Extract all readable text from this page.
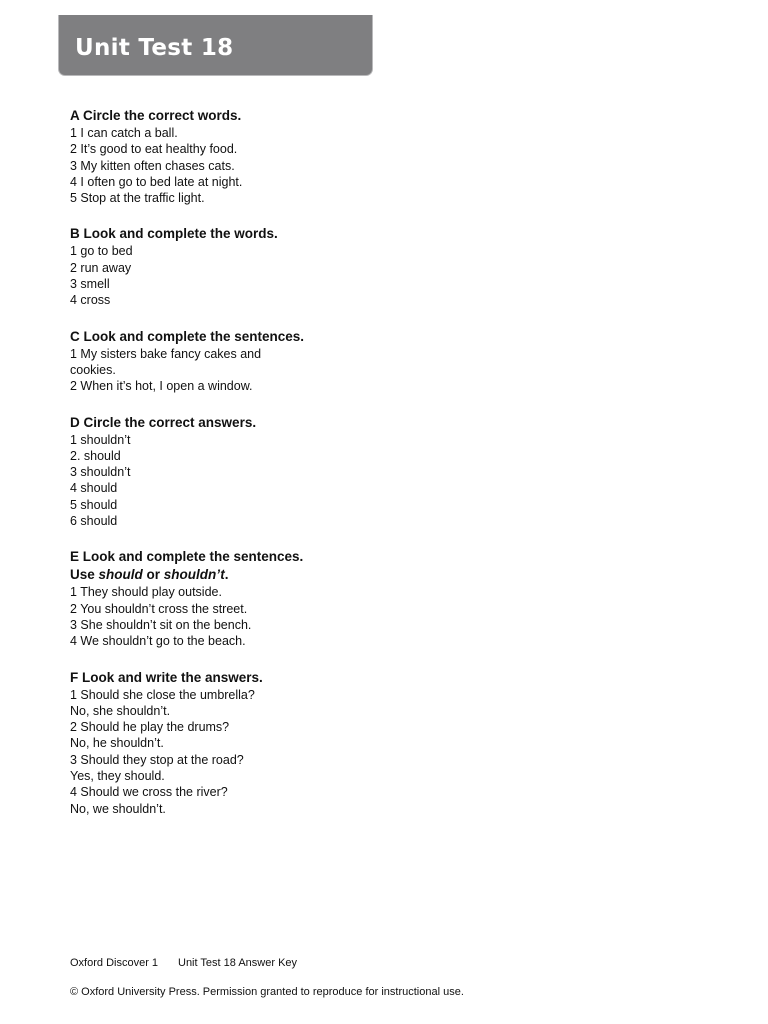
Unit Test 18
A Circle the correct words.
1 I can catch a ball.
2 It’s good to eat healthy food.
3 My kitten often chases cats.
4 I often go to bed late at night.
5 Stop at the traffic light.
B Look and complete the words.
1 go to bed
2 run away
3 smell
4 cross
C Look and complete the sentences.
1 My sisters bake fancy cakes and
cookies.
2 When it’s hot, I open a window.
D Circle the correct answers.
1 shouldn’t
2. should
3 shouldn’t
4 should
5 should
6 should
E Look and complete the sentences.
Use should or shouldn’t.
1 They should play outside.
2 You shouldn’t cross the street.
3 She shouldn’t sit on the bench.
4 We shouldn’t go to the beach.
F Look and write the answers.
1 Should she close the umbrella?
No, she shouldn’t.
2 Should he play the drums?
No, he shouldn’t.
3 Should they stop at the road?
Yes, they should.
4 Should we cross the river?
No, we shouldn’t.
Oxford Discover 1 Unit Test 18 Answer Key
© Oxford University Press. Permission granted to reproduce for instructional use.
